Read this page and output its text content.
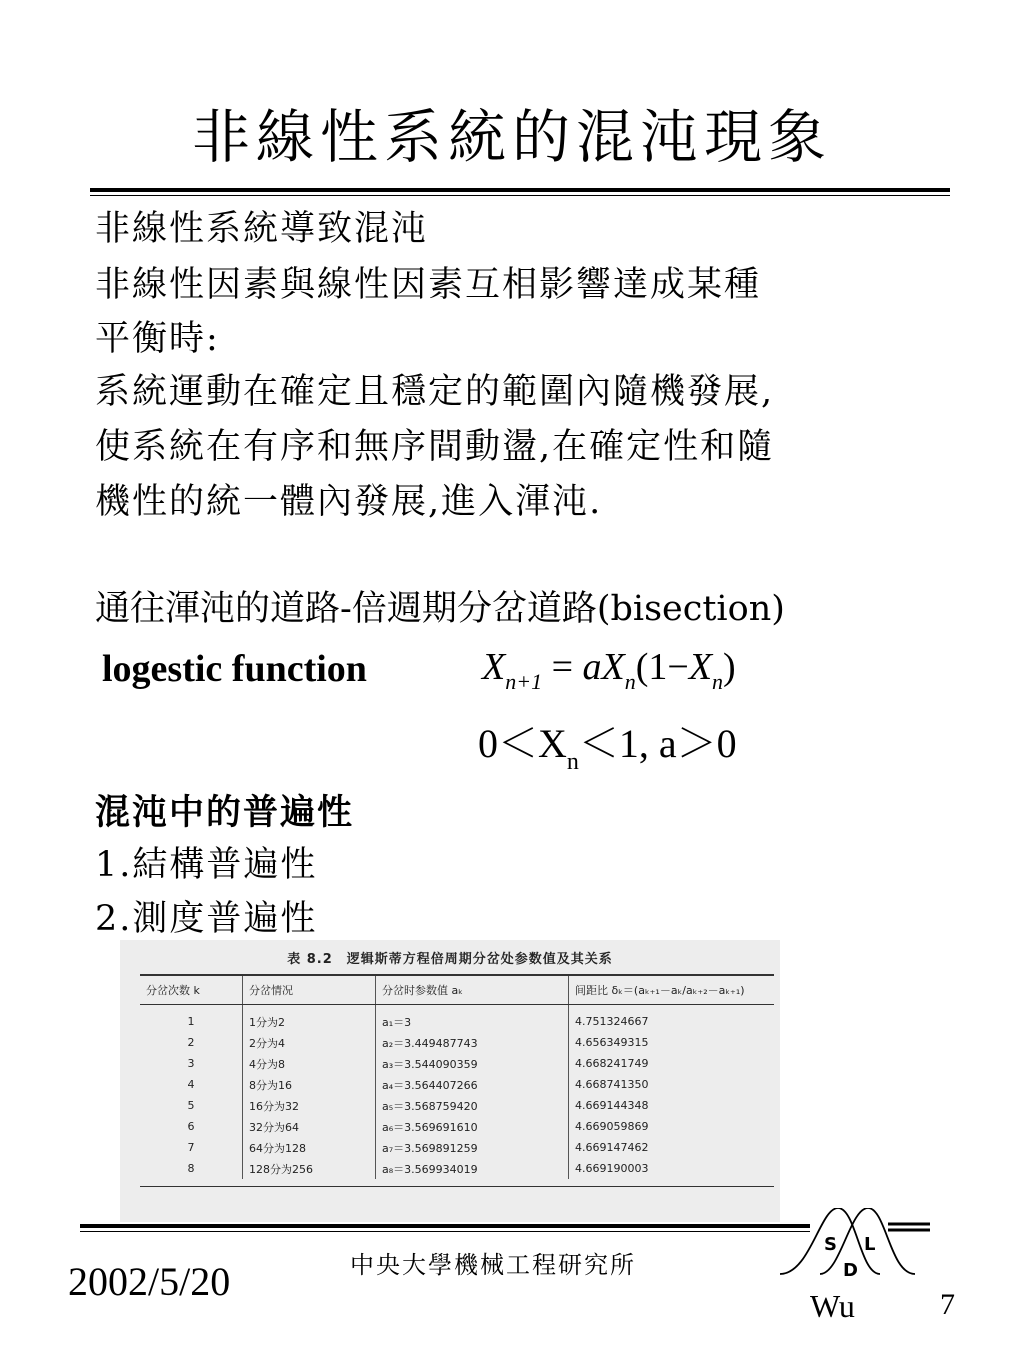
非線性系統的混沌現象
非線性系統導致混沌
非線性因素與線性因素互相影響達成某種
平衡時:
系統運動在確定且穩定的範圍內隨機發展,
使系統在有序和無序間動盪,在確定性和隨
機性的統一體內發展,進入渾沌.
通往渾沌的道路-倍週期分岔道路(bisection)
logestic function	$X_{n+1} = aX_n(1-X_n)$
$0<X_n<1$, a＞0
混沌中的普遍性
1.結構普遍性
2.測度普遍性
表 8.2　逻辑斯蒂方程倍周期分岔处参数值及其关系
分岔次数 k	分岔情况	分岔时参数值 aₖ	间距比 δₖ＝(aₖ₊₁－aₖ/aₖ₊₂－aₖ₊₁)
1	1分为2	a₁＝3	4.751324667
2	2分为4	a₂＝3.449487743	4.656349315
3	4分为8	a₃＝3.544090359	4.668241749
4	8分为16	a₄＝3.564407266	4.668741350
5	16分为32	a₅＝3.568759420	4.669144348
6	32分为64	a₆＝3.569691610	4.669059869
7	64分为128	a₇＝3.569891259	4.669147462
8	128分为256	a₈＝3.569934019	4.669190003
2002/5/20	中央大學機械工程研究所
S L
D
Wu	7
